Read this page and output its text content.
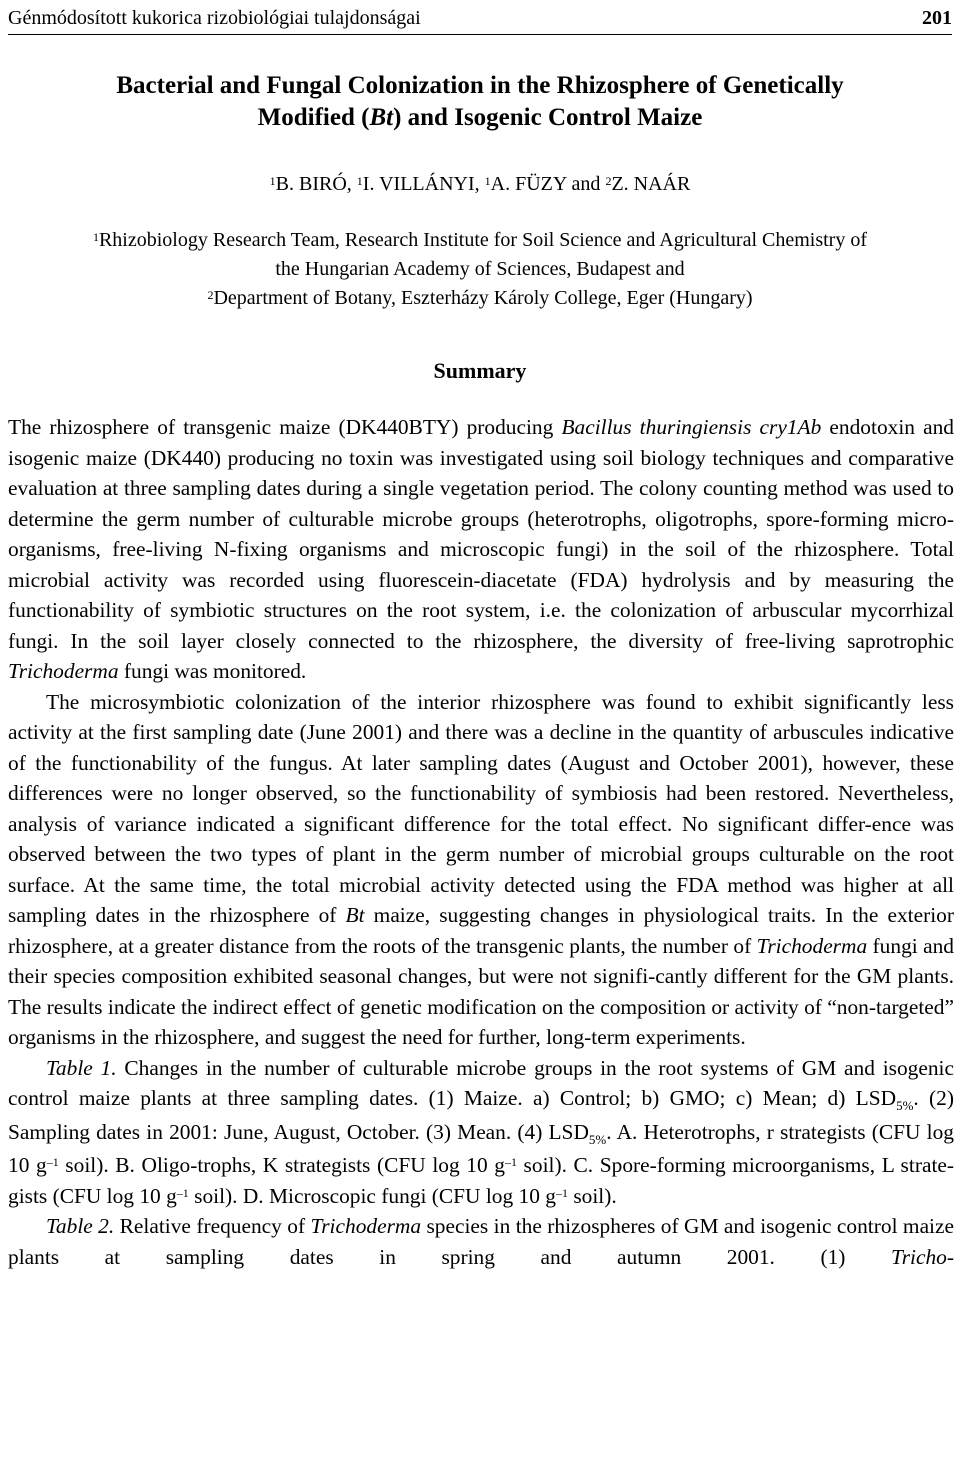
Génmódosított kukorica rizobiológiai tulajdonságai	201
Bacterial and Fungal Colonization in the Rhizosphere of Genetically
Modified (Bt) and Isogenic Control Maize
$^1$B. BIRÓ, $^1$I. VILLÁNYI, $^1$A. FÜZY and $^2$Z. NAÁR
$^1$Rhizobiology Research Team, Research Institute for Soil Science and Agricultural Chemistry of
the Hungarian Academy of Sciences, Budapest and
$^2$Department of Botany, Eszterházy Károly College, Eger (Hungary)
Summary

The rhizosphere of transgenic maize (DK440BTY) producing Bacillus thuringiensis cry1Ab endotoxin and isogenic maize (DK440) producing no toxin was investigated using soil biology techniques and comparative evaluation at three sampling dates during a single vegetation period. The colony counting method was used to determine the germ number of culturable microbe groups (heterotrophs, oligotrophs, spore-forming micro-organisms, free-living N-fixing organisms and microscopic fungi) in the soil of the rhizosphere. Total microbial activity was recorded using fluorescein-diacetate (FDA) hydrolysis and by measuring the functionability of symbiotic structures on the root system, i.e. the colonization of arbuscular mycorrhizal fungi. In the soil layer closely connected to the rhizosphere, the diversity of free-living saprotrophic Trichoderma fungi was monitored.

The microsymbiotic colonization of the interior rhizosphere was found to exhibit significantly less activity at the first sampling date (June 2001) and there was a decline in the quantity of arbuscules indicative of the functionability of the fungus. At later sampling dates (August and October 2001), however, these differences were no longer observed, so the functionability of symbiosis had been restored. Nevertheless, analysis of variance indicated a significant difference for the total effect. No significant differ-ence was observed between the two types of plant in the germ number of microbial groups culturable on the root surface. At the same time, the total microbial activity detected using the FDA method was higher at all sampling dates in the rhizosphere of Bt maize, suggesting changes in physiological traits. In the exterior rhizosphere, at a greater distance from the roots of the transgenic plants, the number of Trichoderma fungi and their species composition exhibited seasonal changes, but were not signifi-cantly different for the GM plants. The results indicate the indirect effect of genetic modification on the composition or activity of “non-targeted” organisms in the rhizosphere, and suggest the need for further, long-term experiments.

Table 1. Changes in the number of culturable microbe groups in the root systems of GM and isogenic control maize plants at three sampling dates. (1) Maize. a) Control; b) GMO; c) Mean; d) $LSD_{5\%}$. (2) Sampling dates in 2001: June, August, October. (3) Mean. (4) $LSD_{5\%}$. A. Heterotrophs, r strategists (CFU log 10 $g^{-1}$ soil). B. Oligo-trophs, K strategists (CFU log 10 $g^{-1}$ soil). C. Spore-forming microorganisms, L strate-gists (CFU log 10 $g^{-1}$ soil). D. Microscopic fungi (CFU log 10 $g^{-1}$ soil).

Table 2. Relative frequency of Trichoderma species in the rhizospheres of GM and isogenic control maize plants at sampling dates in spring and autumn 2001. (1) Tricho-
